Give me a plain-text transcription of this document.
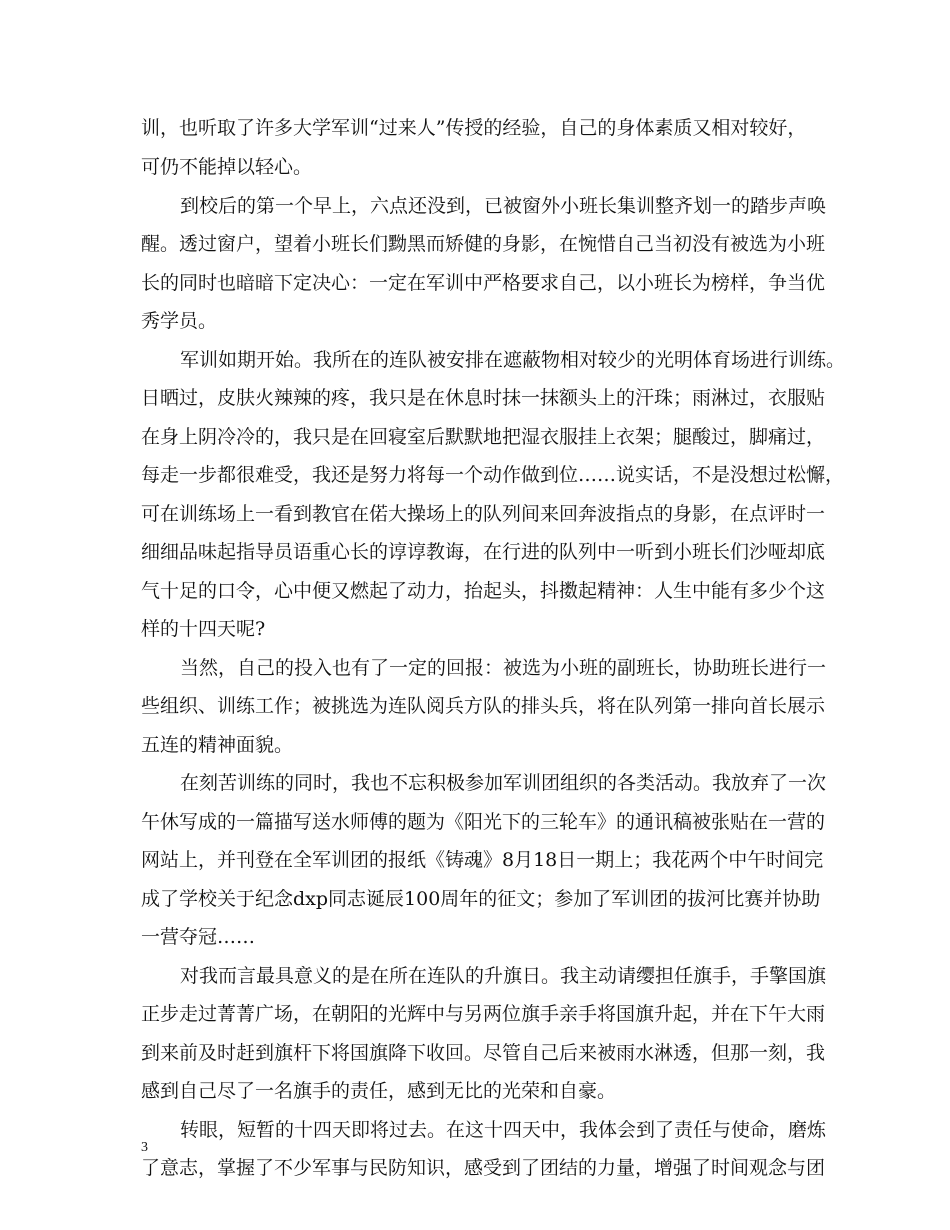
训，也听取了许多大学军训“过来人”传授的经验，自己的身体素质又相对较好，
可仍不能掉以轻心。
到校后的第一个早上，六点还没到，已被窗外小班长集训整齐划一的踏步声唤
醒。透过窗户，望着小班长们黝黑而矫健的身影，在惋惜自己当初没有被选为小班
长的同时也暗暗下定决心：一定在军训中严格要求自己，以小班长为榜样，争当优
秀学员。
军训如期开始。我所在的连队被安排在遮蔽物相对较少的光明体育场进行训练。
日晒过，皮肤火辣辣的疼，我只是在休息时抹一抹额头上的汗珠；雨淋过，衣服贴
在身上阴冷冷的，我只是在回寝室后默默地把湿衣服挂上衣架；腿酸过，脚痛过，
每走一步都很难受，我还是努力将每一个动作做到位……说实话，不是没想过松懈，
可在训练场上一看到教官在偌大操场上的队列间来回奔波指点的身影，在点评时一
细细品味起指导员语重心长的谆谆教诲，在行进的队列中一听到小班长们沙哑却底
气十足的口令，心中便又燃起了动力，抬起头，抖擞起精神：人生中能有多少个这
样的十四天呢?
当然，自己的投入也有了一定的回报：被选为小班的副班长，协助班长进行一
些组织、训练工作；被挑选为连队阅兵方队的排头兵，将在队列第一排向首长展示
五连的精神面貌。
在刻苦训练的同时，我也不忘积极参加军训团组织的各类活动。我放弃了一次
午休写成的一篇描写送水师傅的题为《阳光下的三轮车》的通讯稿被张贴在一营的
网站上，并刊登在全军训团的报纸《铸魂》8月18日一期上；我花两个中午时间完
成了学校关于纪念dxp同志诞辰100周年的征文；参加了军训团的拔河比赛并协助
一营夺冠……
对我而言最具意义的是在所在连队的升旗日。我主动请缨担任旗手，手擎国旗
正步走过菁菁广场，在朝阳的光辉中与另两位旗手亲手将国旗升起，并在下午大雨
到来前及时赶到旗杆下将国旗降下收回。尽管自己后来被雨水淋透，但那一刻，我
感到自己尽了一名旗手的责任，感到无比的光荣和自豪。
转眼，短暂的十四天即将过去。在这十四天中，我体会到了责任与使命，磨炼
了意志，掌握了不少军事与民防知识，感受到了团结的力量，增强了时间观念与团
3
